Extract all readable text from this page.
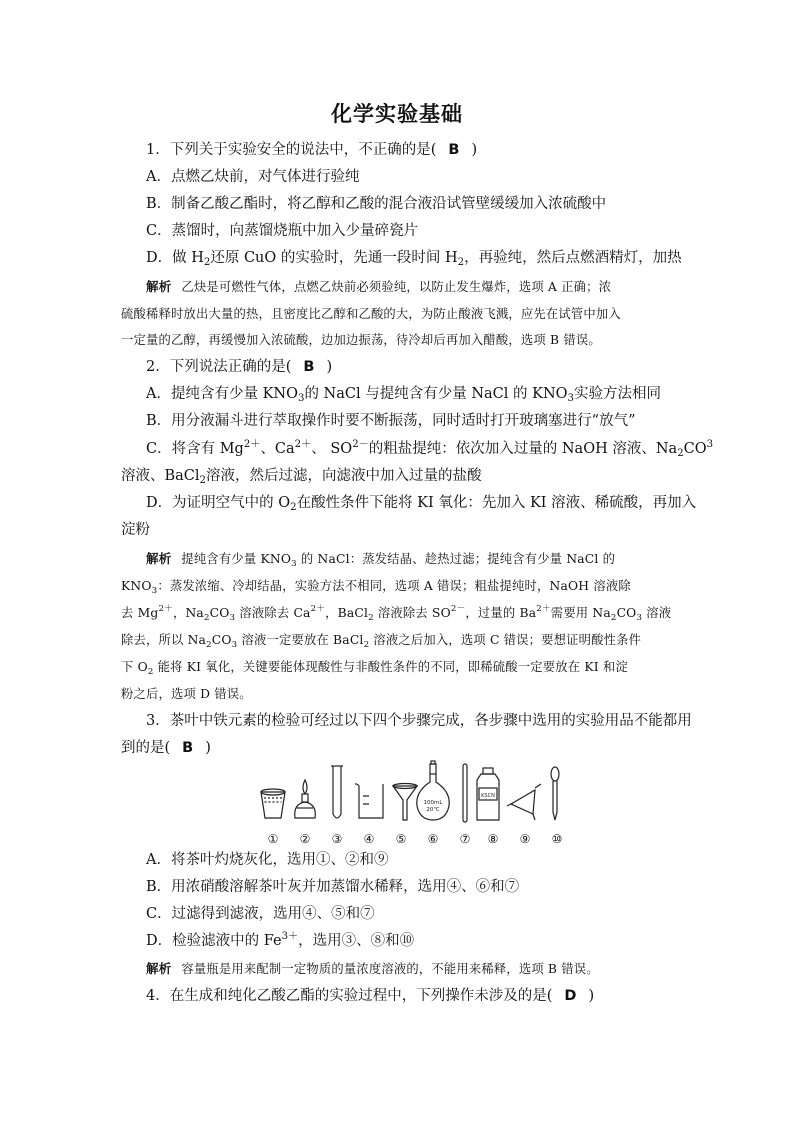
化学实验基础
1．下列关于实验安全的说法中，不正确的是( B )
A．点燃乙炔前，对气体进行验纯
B．制备乙酸乙酯时，将乙醇和乙酸的混合液沿试管壁缓缓加入浓硫酸中
C．蒸馏时，向蒸馏烧瓶中加入少量碎瓷片
D．做 $H_2$还原 CuO 的实验时，先通一段时间 $H_2$，再验纯，然后点燃酒精灯，加热
解析 乙炔是可燃性气体，点燃乙炔前必须验纯，以防止发生爆炸，选项 A 正确；浓
硫酸稀释时放出大量的热，且密度比乙醇和乙酸的大，为防止酸液飞溅，应先在试管中加入
一定量的乙醇，再缓慢加入浓硫酸，边加边振荡，待冷却后再加入醋酸，选项 B 错误。
2．下列说法正确的是( B )
A．提纯含有少量 $KNO_3$的 NaCl 与提纯含有少量 NaCl 的 $KNO_3$实验方法相同
B．用分液漏斗进行萃取操作时要不断振荡，同时适时打开玻璃塞进行“放气”
C．将含有 $Mg^{2+}$、$Ca^{2+}$、 $SO^{2-}$的粗盐提纯：依次加入过量的 NaOH 溶液、$Na_2CO^3$
溶液、BaCl$_2$溶液，然后过滤，向滤液中加入过量的盐酸
D．为证明空气中的 $O_2$在酸性条件下能将 KI 氧化：先加入 KI 溶液、稀硫酸，再加入
淀粉
解析 提纯含有少量 $KNO_3$ 的 NaCl：蒸发结晶、趁热过滤；提纯含有少量 NaCl 的
$KNO_3$：蒸发浓缩、冷却结晶，实验方法不相同，选项 A 错误；粗盐提纯时，NaOH 溶液除
去 $Mg^{2+}$，$Na_2CO_3$ 溶液除去 $Ca^{2+}$，BaCl$_2$ 溶液除去 $SO^{2-}$，过量的 $Ba^{2+}$需要用 $Na_2CO_3$ 溶液
除去，所以 $Na_2CO_3$ 溶液一定要放在 BaCl$_2$ 溶液之后加入，选项 C 错误；要想证明酸性条件
下 $O_2$ 能将 KI 氧化，关键要能体现酸性与非酸性条件的不同，即稀硫酸一定要放在 KI 和淀
粉之后，选项 D 错误。
3．茶叶中铁元素的检验可经过以下四个步骤完成，各步骤中选用的实验用品不能都用
到的是( B )
100mL
20℃
KSCN
①	②	③	④	⑤	⑥	⑦	⑧	⑨	⑩
A．将茶叶灼烧灰化，选用①、②和⑨
B．用浓硝酸溶解茶叶灰并加蒸馏水稀释，选用④、⑥和⑦
C．过滤得到滤液，选用④、⑤和⑦
D．检验滤液中的 $Fe^{3+}$，选用③、⑧和⑩
解析 容量瓶是用来配制一定物质的量浓度溶液的，不能用来稀释，选项 B 错误。
4．在生成和纯化乙酸乙酯的实验过程中，下列操作未涉及的是( D )
